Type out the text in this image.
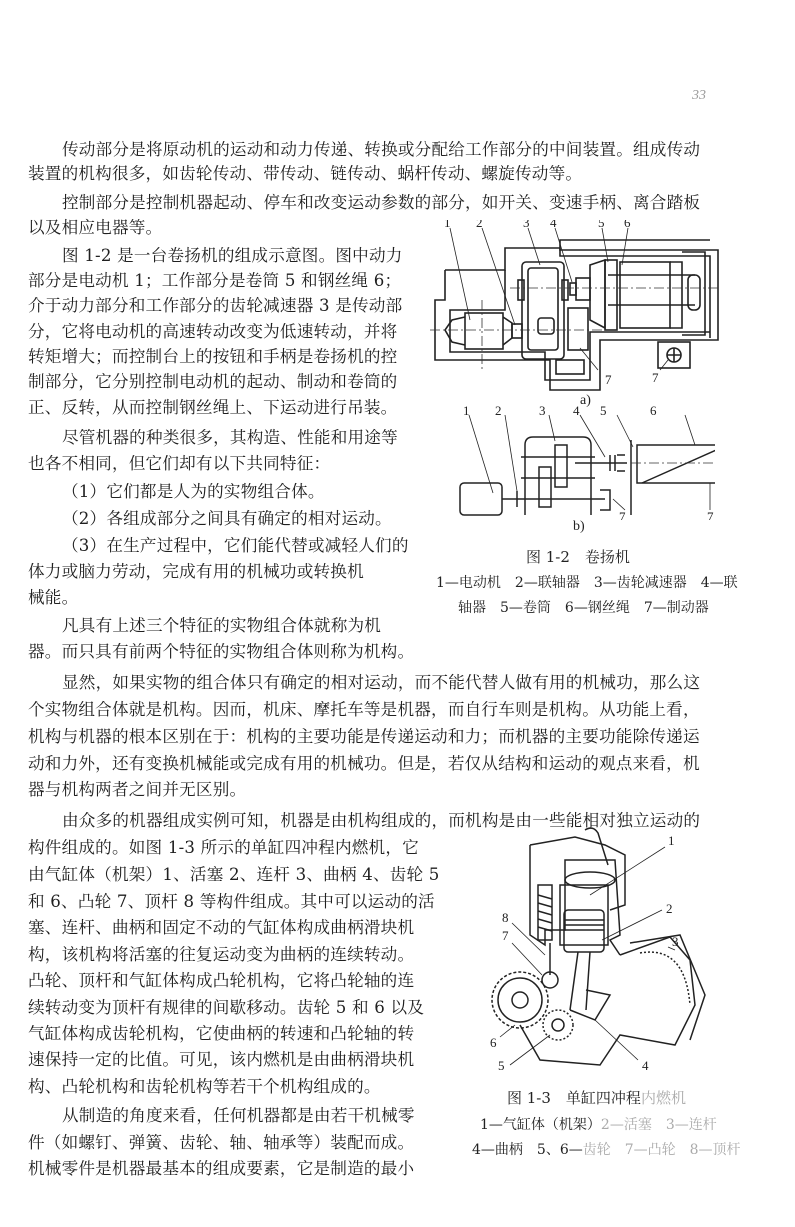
33
传动部分是将原动机的运动和动力传递、转换或分配给工作部分的中间装置。组成传动
装置的机构很多，如齿轮传动、带传动、链传动、蜗杆传动、螺旋传动等。
控制部分是控制机器起动、停车和改变运动参数的部分，如开关、变速手柄、离合踏板
以及相应电器等。
图 1-2 是一台卷扬机的组成示意图。图中动力
部分是电动机 1；工作部分是卷筒 5 和钢丝绳 6；
介于动力部分和工作部分的齿轮减速器 3 是传动部
分，它将电动机的高速转动改变为低速转动，并将
转矩增大；而控制台上的按钮和手柄是卷扬机的控
制部分，它分别控制电动机的起动、制动和卷筒的
正、反转，从而控制钢丝绳上、下运动进行吊装。
尽管机器的种类很多，其构造、性能和用途等
也各不相同，但它们却有以下共同特征：
（1）它们都是人为的实物组合体。
（2）各组成部分之间具有确定的相对运动。
（3）在生产过程中，它们能代替或减轻人们的
体力或脑力劳动，完成有用的机械功或转换机
械能。
凡具有上述三个特征的实物组合体就称为机
器。而只具有前两个特征的实物组合体则称为机构。
显然，如果实物的组合体只有确定的相对运动，而不能代替人做有用的机械功，那么这
个实物组合体就是机构。因而，机床、摩托车等是机器，而自行车则是机构。从功能上看，
机构与机器的根本区别在于：机构的主要功能是传递运动和力；而机器的主要功能除传递运
动和力外，还有变换机械能或完成有用的机械功。但是，若仅从结构和运动的观点来看，机
器与机构两者之间并无区别。
由众多的机器组成实例可知，机器是由机构组成的，而机构是由一些能相对独立运动的
构件组成的。如图 1-3 所示的单缸四冲程内燃机，它
由气缸体（机架）1、活塞 2、连杆 3、曲柄 4、齿轮 5
和 6、凸轮 7、顶杆 8 等构件组成。其中可以运动的活
塞、连杆、曲柄和固定不动的气缸体构成曲柄滑块机
构，该机构将活塞的往复运动变为曲柄的连续转动。
凸轮、顶杆和气缸体构成凸轮机构，它将凸轮轴的连
续转动变为顶杆有规律的间歇移动。齿轮 5 和 6 以及
气缸体构成齿轮机构，它使曲柄的转速和凸轮轴的转
速保持一定的比值。可见，该内燃机是由曲柄滑块机
构、凸轮机构和齿轮机构等若干个机构组成的。
从制造的角度来看，任何机器都是由若干机械零
件（如螺钉、弹簧、齿轮、轴、轴承等）装配而成。
机械零件是机器最基本的组成要素，它是制造的最小
1 2	3 4	5 6
7	7
a)
1 2	3 4 5	6
7	7
b)
图 1-2　卷扬机
1—电动机　2—联轴器　3—齿轮减速器　4—联
轴器　5—卷筒　6—钢丝绳　7—制动器
1
2
3
4
5
6
7
8
图 1-3　单缸四冲程内燃机
1—气缸体（机架）2—活塞　3—连杆
4—曲柄　5、6—齿轮　7—凸轮　8—顶杆
